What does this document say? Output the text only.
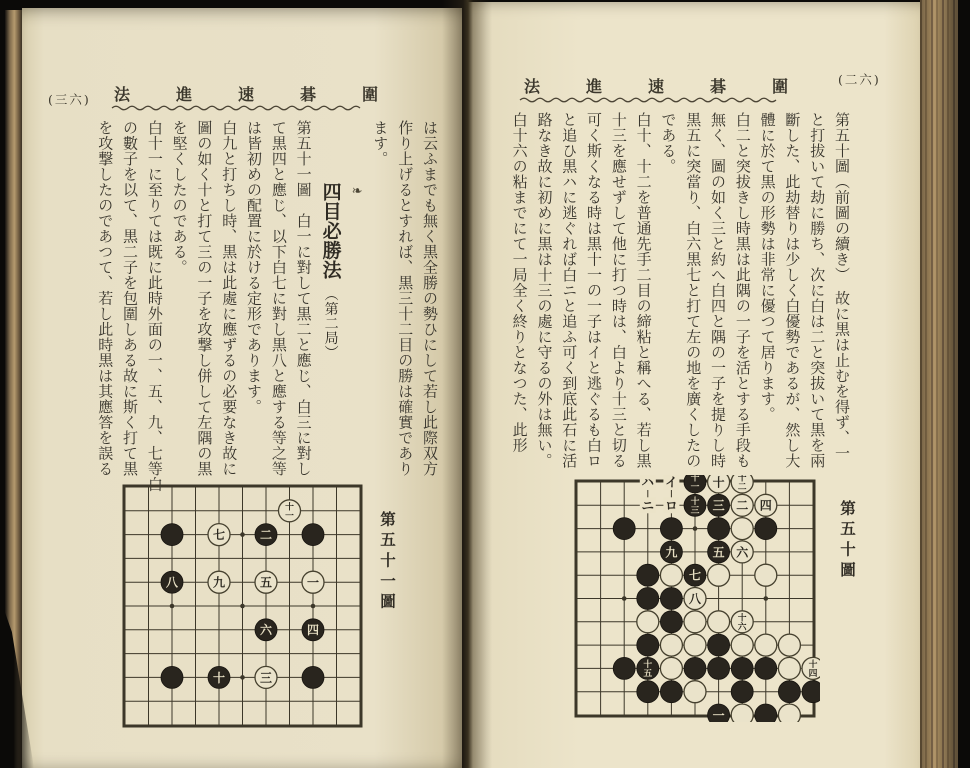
(三六) 法進速碁圍
は云ふまでも無く黒全勝の勢ひにして若し此際双方
作り上げるとすれば、黒三十二目の勝は確實であり
ます。
❧
四目必勝法　（第二局）
第五十一圖　白一に對して黒二と應じ、白三に對し
て黒四と應じ、以下白七に對し黒八と應する等之等
は皆初めの配置に於ける定形であります。
白九と打ちし時、黒は此處に應ずるの必要なき故に
圖の如く十と打て三の一子を攻撃し併して左隅の黒
を堅くしたのである。
白十一に至りては既に此時外面の一、五、九、七等白
の數子を以て、黒二子を包圍しある故に斯く打て黒
を攻撃したのであつて、若し此時黒は其應答を誤る
十一
七	二
八	九	五	一
六	四
十	三
第五十一圖
法進速碁圍 (二六)
第五十圖（前圖の續き）　故に黒は止むを得ず、一
と打拔いて劫に勝ち、次に白は二と突拔いて黒を兩
斷した、此劫替りは少しく白優勢であるが、然し大
體に於て黒の形勢は非常に優つて居ります。
白二と突拔きし時黒は此隅の一子を活とする手段も
無く、圖の如く三と約へ白四と隅の一子を提りし時
黒五に突當り、白六黒七と打て左の地を廣くしたの
である。
白十、十二を普通先手二目の締粘と稱へる、若し黒
十三を應せずして他に打つ時は、白より十三と切る
可く斯くなる時は黒十一の一子はイと逃ぐるも白ロ
と追ひ黒ハに逃ぐれば白ニと追ふ可く到底此石に活
路なき故に初めに黒は十三の處に守るの外は無い。
白十六の粘までにて一局全く終りとなつた、此形
ハ イ 十一 十 十二
ニ ロ 十三 三 二 四
九	五 六
七
八
十六
十五
十四
一
第五十圖
